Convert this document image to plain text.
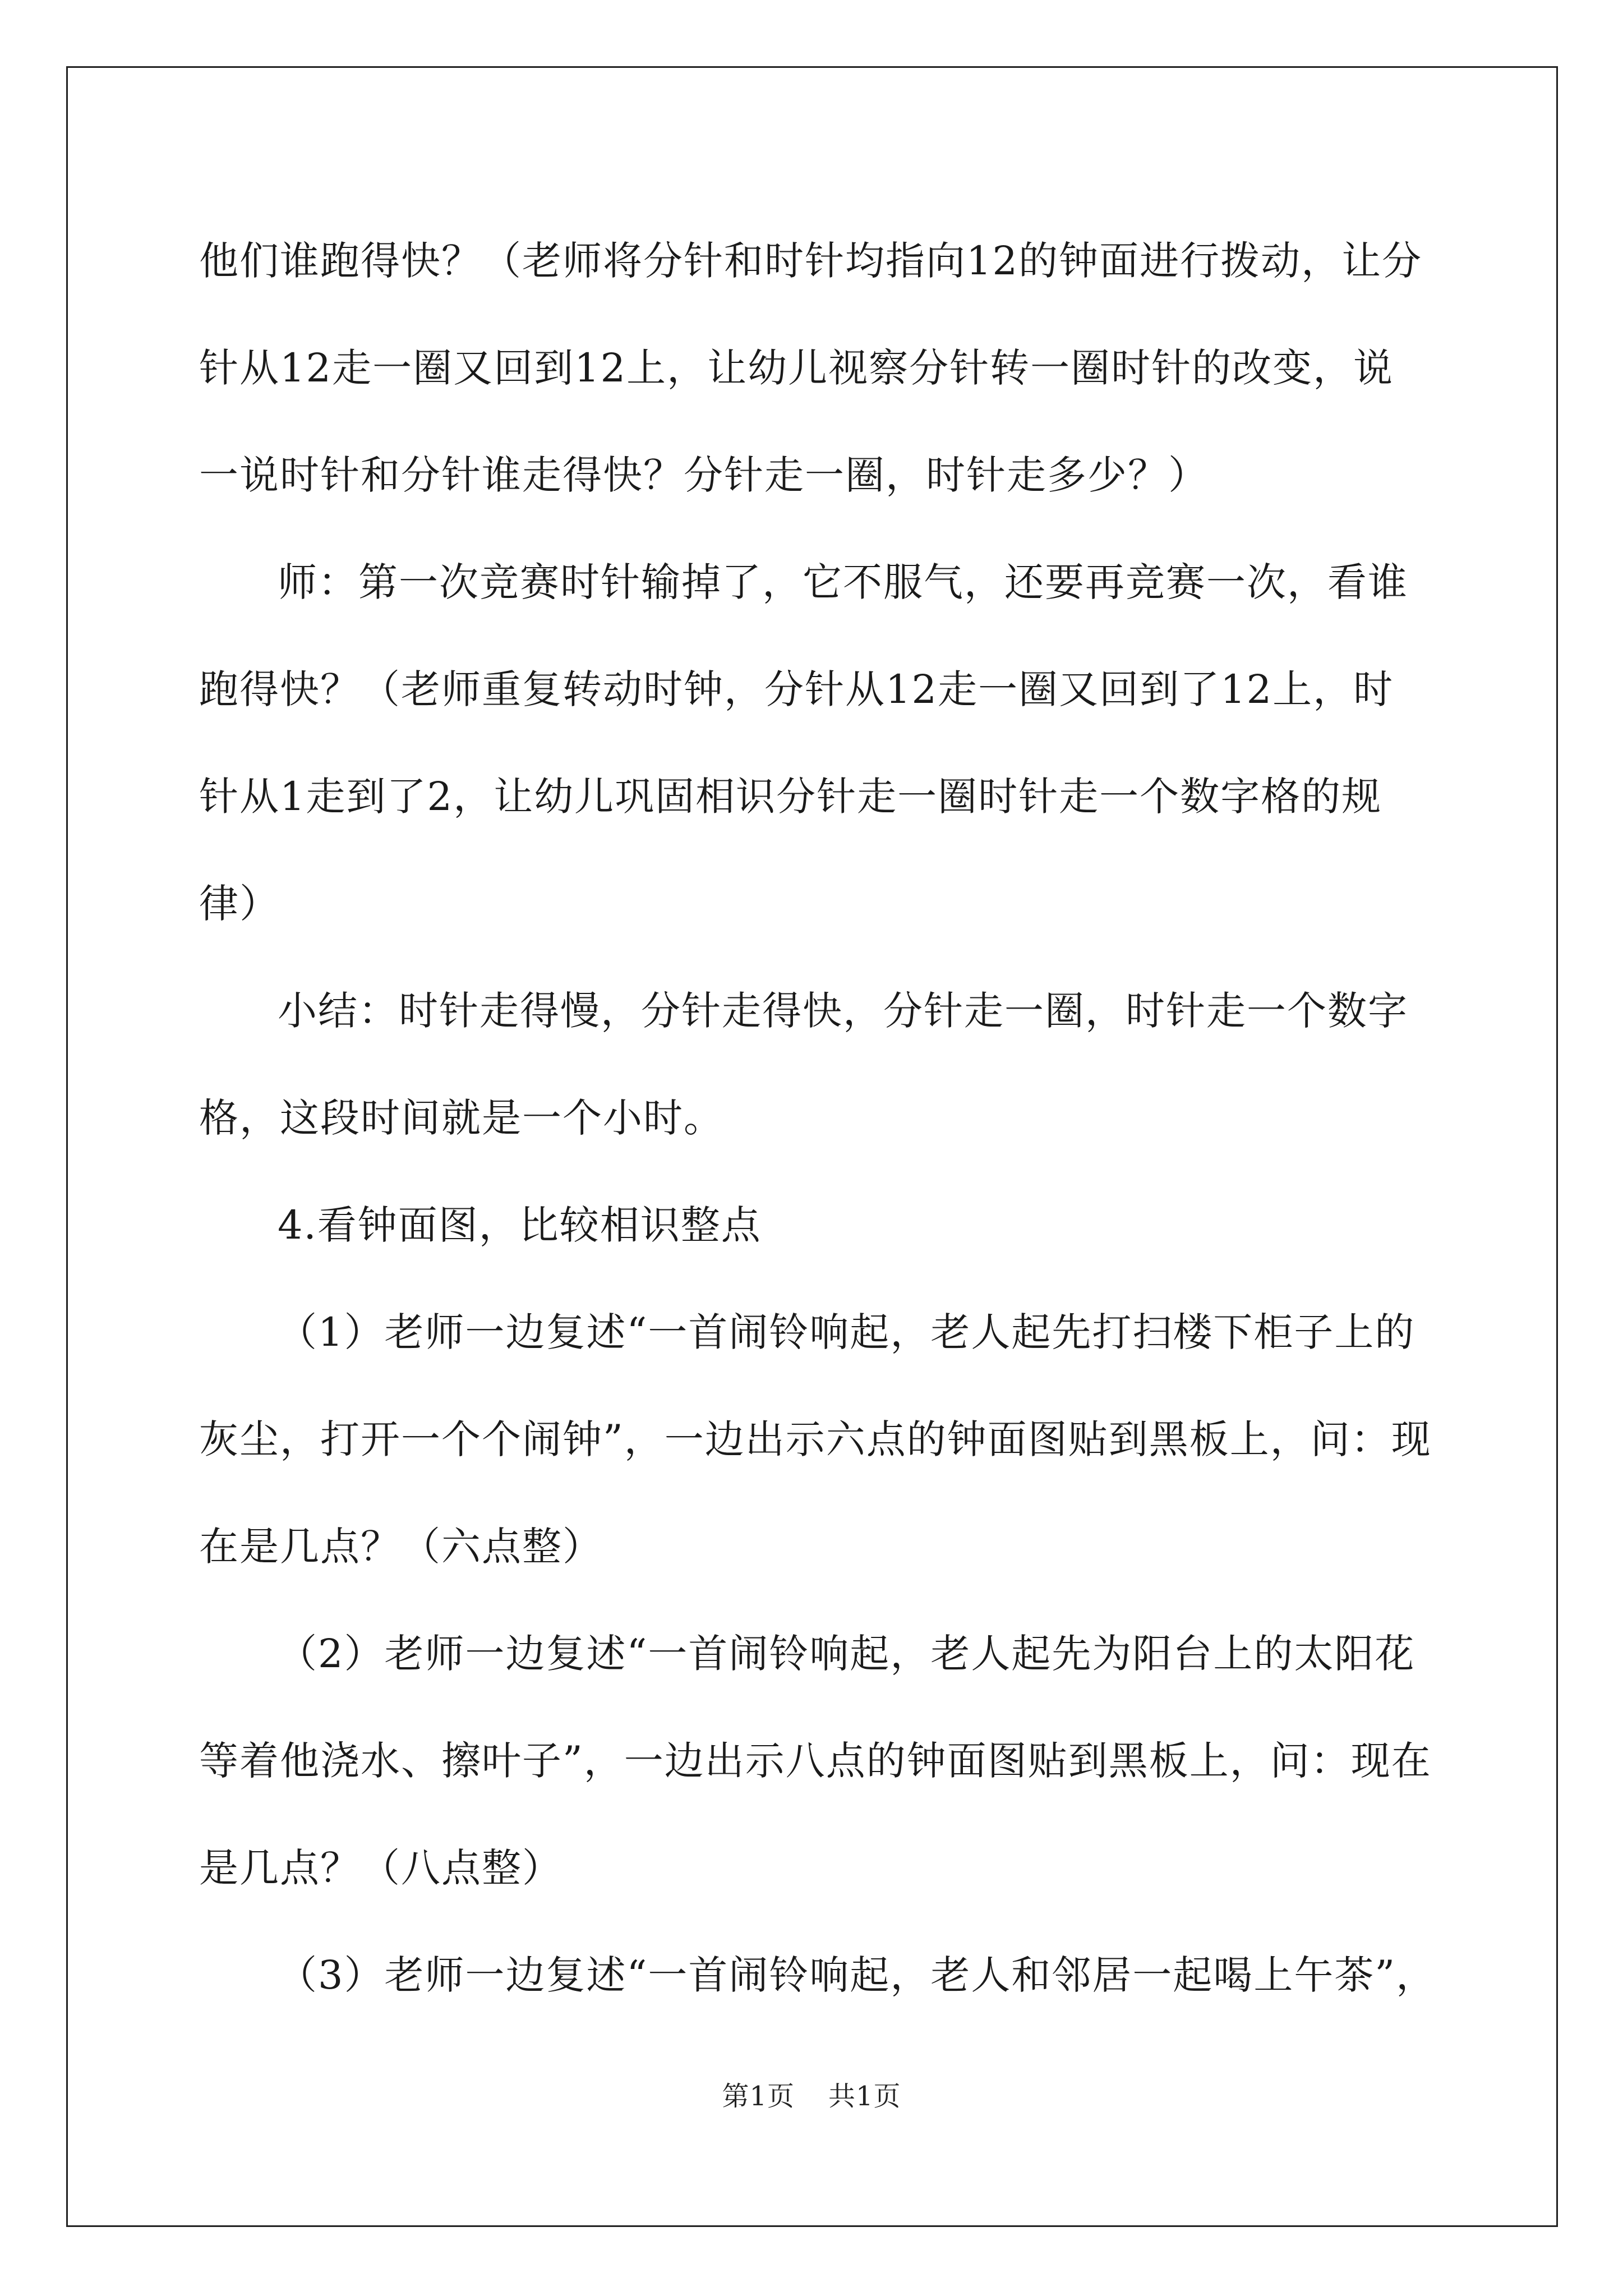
他们谁跑得快？（老师将分针和时针均指向12的钟面进行拨动，让分
针从12走一圈又回到12上，让幼儿视察分针转一圈时针的改变，说
一说时针和分针谁走得快？分针走一圈，时针走多少？）

师：第一次竞赛时针输掉了，它不服气，还要再竞赛一次，看谁
跑得快？（老师重复转动时钟，分针从12走一圈又回到了12上，时
针从1走到了2，让幼儿巩固相识分针走一圈时针走一个数字格的规
律）

小结：时针走得慢，分针走得快，分针走一圈，时针走一个数字
格，这段时间就是一个小时。

4.看钟面图，比较相识整点

（1）老师一边复述“一首闹铃响起，老人起先打扫楼下柜子上的
灰尘，打开一个个闹钟”，一边出示六点的钟面图贴到黑板上，问：现
在是几点？（六点整）

（2）老师一边复述“一首闹铃响起，老人起先为阳台上的太阳花
等着他浇水、擦叶子”，一边出示八点的钟面图贴到黑板上，问：现在
是几点？（八点整）

（3）老师一边复述“一首闹铃响起，老人和邻居一起喝上午茶”，

第1页 共1页
